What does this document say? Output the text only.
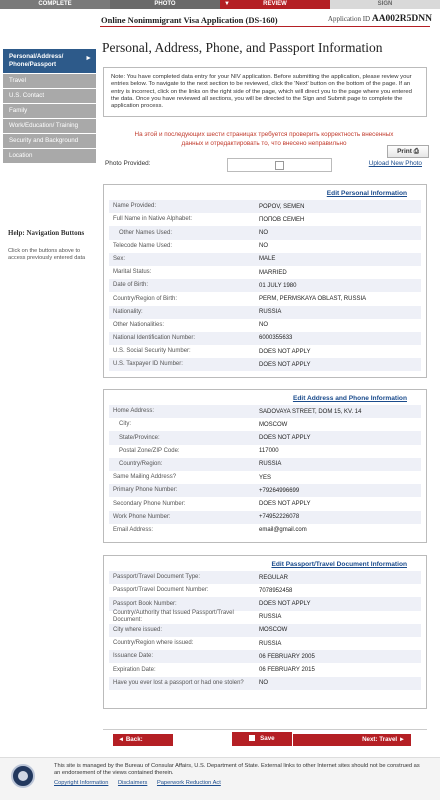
COMPLETE	PHOTO	▼	REVIEW	SIGN
Online Nonimmigrant Visa Application (DS-160)	Application ID AA002R5DNN
Personal, Address, Phone, and Passport Information
Personal/Address/ Phone/Passport
►
Travel
U.S. Contact
Family
Work/Education/ Training
Security and Background
Location
Help: Navigation Buttons
Click on the buttons above to access previously entered data
Note: You have completed data entry for your NIV application. Before submitting the application, please review your entries below. To navigate to the next section to be reviewed, click the 'Next' button on the bottom of the page. If an entry is incorrect, click on the links on the right side of the page, which will direct you to the page where you entered the data. Once you have reviewed all sections, you will be directed to the Sign and Submit page to complete the application process.
На этой и последующих шести страницах требуется проверить корректность внесенных данных и отредактировать то, что внесено неправильно
Print ⎙
Photo Provided:	Upload New Photo
Edit Personal Information
Name Provided:	POPOV, SEMEN
Full Name in Native Alphabet:	ПОПОВ СЕМЕН
Other Names Used:	NO
Telecode Name Used:	NO
Sex:	MALE
Marital Status:	MARRIED
Date of Birth:	01 JULY 1980
Country/Region of Birth:	PERM, PERMSKAYA OBLAST, RUSSIA
Nationality:	RUSSIA
Other Nationalities:	NO
National Identification Number:	6000355633
U.S. Social Security Number:	DOES NOT APPLY
U.S. Taxpayer ID Number:	DOES NOT APPLY
Edit Address and Phone Information
Home Address:	SADOVAYA STREET, DOM 15, KV. 14
City:	MOSCOW
State/Province:	DOES NOT APPLY
Postal Zone/ZIP Code:	117000
Country/Region:	RUSSIA
Same Mailing Address?	YES
Primary Phone Number:	+79264996699
Secondary Phone Number:	DOES NOT APPLY
Work Phone Number:	+74952226078
Email Address:	email@gmail.com
Edit Passport/Travel Document Information
Passport/Travel Document Type:	REGULAR
Passport/Travel Document Number:	7078952458
Passport Book Number:	DOES NOT APPLY
Country/Authority that Issued Passport/Travel Document:	RUSSIA
City where issued:	MOSCOW
Country/Region where issued:	RUSSIA
Issuance Date:	06 FEBRUARY 2005
Expiration Date:	06 FEBRUARY 2015
Have you ever lost a passport or had one stolen?	NO
◄ Back:	Save	Next: Travel ►
This site is managed by the Bureau of Consular Affairs, U.S. Department of State. External links to other Internet sites should not be construed as an endorsement of the views contained therein.
Copyright Information Disclaimers Paperwork Reduction Act
